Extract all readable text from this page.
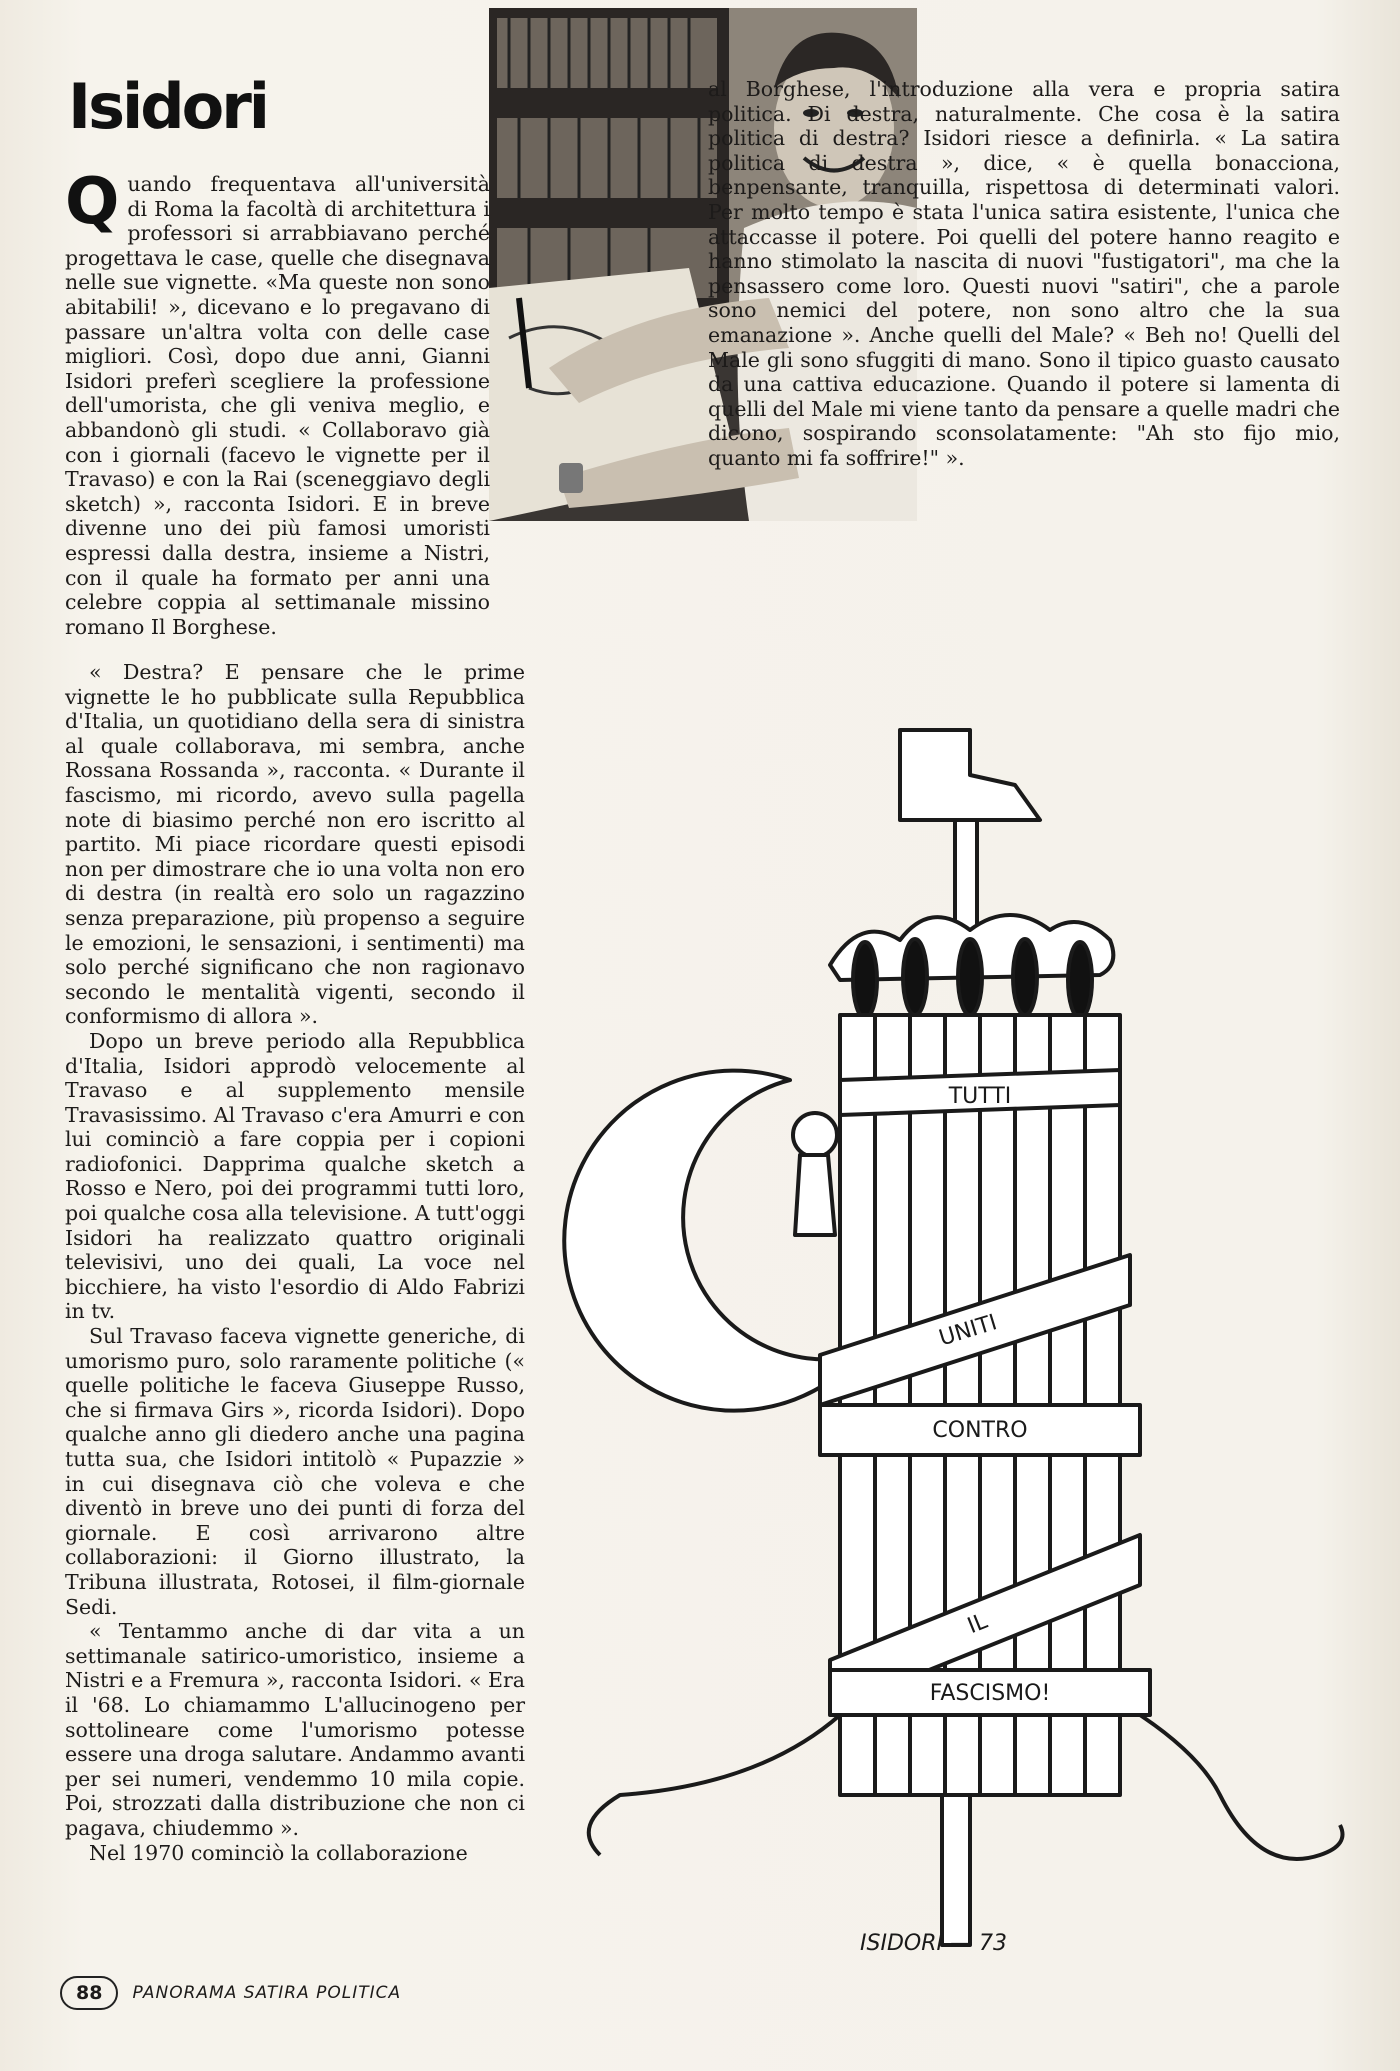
Isidori
Quando frequentava all'università di Roma la facoltà di architettura i professori si arrabbiavano perché progettava le case, quelle che disegnava nelle sue vignette. «Ma queste non sono abitabili! », dicevano e lo pregavano di passare un'altra volta con delle case migliori. Così, dopo due anni, Gianni Isidori preferì scegliere la professione dell'umorista, che gli veniva meglio, e abbandonò gli studi. « Collaboravo già con i giornali (facevo le vignette per il Travaso) e con la Rai (sceneggiavo degli sketch) », racconta Isidori. E in breve divenne uno dei più famosi umoristi espressi dalla destra, insieme a Nistri, con il quale ha formato per anni una celebre coppia al settimanale missino romano Il Borghese.

« Destra? E pensare che le prime vignette le ho pubblicate sulla Repubblica d'Italia, un quotidiano della sera di sinistra al quale collaborava, mi sembra, anche Rossana Rossanda », racconta. « Durante il fascismo, mi ricordo, avevo sulla pagella note di biasimo perché non ero iscritto al partito. Mi piace ricordare questi episodi non per dimostrare che io una volta non ero di destra (in realtà ero solo un ragazzino senza preparazione, più propenso a seguire le emozioni, le sensazioni, i sentimenti) ma solo perché significano che non ragionavo secondo le mentalità vigenti, secondo il conformismo di allora ».

Dopo un breve periodo alla Repubblica d'Italia, Isidori approdò velocemente al Travaso e al supplemento mensile Travasissimo. Al Travaso c'era Amurri e con lui cominciò a fare coppia per i copioni radiofonici. Dapprima qualche sketch a Rosso e Nero, poi dei programmi tutti loro, poi qualche cosa alla televisione. A tutt'oggi Isidori ha realizzato quattro originali televisivi, uno dei quali, La voce nel bicchiere, ha visto l'esordio di Aldo Fabrizi in tv.

Sul Travaso faceva vignette generiche, di umorismo puro, solo raramente politiche (« quelle politiche le faceva Giuseppe Russo, che si firmava Girs », ricorda Isidori). Dopo qualche anno gli diedero anche una pagina tutta sua, che Isidori intitolò « Pupazzie » in cui disegnava ciò che voleva e che diventò in breve uno dei punti di forza del giornale. E così arrivarono altre collaborazioni: il Giorno illustrato, la Tribuna illustrata, Rotosei, il film-giornale Sedi.

« Tentammo anche di dar vita a un settimanale satirico-umoristico, insieme a Nistri e a Fremura », racconta Isidori. « Era il '68. Lo chiamammo L'allucinogeno per sottolineare come l'umorismo potesse essere una droga salutare. Andammo avanti per sei numeri, vendemmo 10 mila copie. Poi, strozzati dalla distribuzione che non ci pagava, chiudemmo ».

Nel 1970 cominciò la collaborazione

al Borghese, l'introduzione alla vera e propria satira politica. Di destra, naturalmente. Che cosa è la satira politica di destra? Isidori riesce a definirla. « La satira politica di destra », dice, « è quella bonacciona, benpensante, tranquilla, rispettosa di determinati valori. Per molto tempo è stata l'unica satira esistente, l'unica che attaccasse il potere. Poi quelli del potere hanno reagito e hanno stimolato la nascita di nuovi "fustigatori", ma che la pensassero come loro. Questi nuovi "satiri", che a parole sono nemici del potere, non sono altro che la sua emanazione ». Anche quelli del Male? « Beh no! Quelli del Male gli sono sfuggiti di mano. Sono il tipico guasto causato da una cattiva educazione. Quando il potere si lamenta di quelli del Male mi viene tanto da pensare a quelle madri che dicono, sospirando sconsolatamente: "Ah sto fijo mio, quanto mi fa soffrire!" ».

TUTTI
UNITI
CONTRO
IL
FASCISMO!
ISIDORI — 73
88	PANORAMA SATIRA POLITICA
